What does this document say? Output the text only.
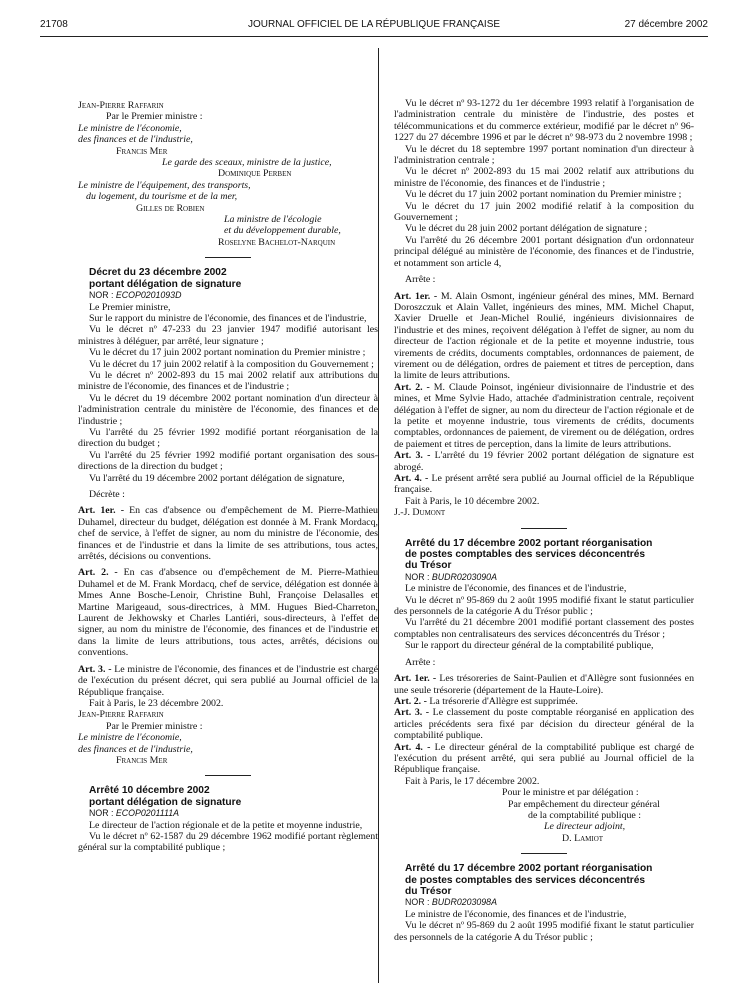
21708	JOURNAL OFFICIEL DE LA RÉPUBLIQUE FRANÇAISE	27 décembre 2002

Jean-Pierre Raffarin

Par le Premier ministre :

Le ministre de l'économie,

des finances et de l'industrie,

Francis Mer

Le garde des sceaux, ministre de la justice,

Dominique Perben

Le ministre de l'équipement, des transports,

du logement, du tourisme et de la mer,

Gilles de Robien

La ministre de l'écologie

et du développement durable,

Roselyne Bachelot-Narquin

Décret du 23 décembre 2002

portant délégation de signature

NOR : ECOP0201093D

Le Premier ministre,

Sur le rapport du ministre de l'économie, des finances et de l'industrie,

Vu le décret nº 47-233 du 23 janvier 1947 modifié autorisant les ministres à déléguer, par arrêté, leur signature ;

Vu le décret du 17 juin 2002 portant nomination du Premier ministre ;

Vu le décret du 17 juin 2002 relatif à la composition du Gouvernement ;

Vu le décret nº 2002-893 du 15 mai 2002 relatif aux attributions du ministre de l'économie, des finances et de l'industrie ;

Vu le décret du 19 décembre 2002 portant nomination d'un directeur à l'administration centrale du ministère de l'économie, des finances et de l'industrie ;

Vu l'arrêté du 25 février 1992 modifié portant réorganisation de la direction du budget ;

Vu l'arrêté du 25 février 1992 modifié portant organisation des sous-directions de la direction du budget ;

Vu l'arrêté du 19 décembre 2002 portant délégation de signature,

Décrète :

Art. 1er. - En cas d'absence ou d'empêchement de M. Pierre-Mathieu Duhamel, directeur du budget, délégation est donnée à M. Frank Mordacq, chef de service, à l'effet de signer, au nom du ministre de l'économie, des finances et de l'industrie et dans la limite de ses attributions, tous actes, arrêtés, décisions ou conventions.

Art. 2. - En cas d'absence ou d'empêchement de M. Pierre-Mathieu Duhamel et de M. Frank Mordacq, chef de service, délégation est donnée à Mmes Anne Bosche-Lenoir, Christine Buhl, Françoise Delasalles et Martine Marigeaud, sous-directrices, à MM. Hugues Bied-Charreton, Laurent de Jekhowsky et Charles Lantiéri, sous-directeurs, à l'effet de signer, au nom du ministre de l'économie, des finances et de l'industrie et dans la limite de leurs attributions, tous actes, arrêtés, décisions ou conventions.

Art. 3. - Le ministre de l'économie, des finances et de l'industrie est chargé de l'exécution du présent décret, qui sera publié au Journal officiel de la République française.

Fait à Paris, le 23 décembre 2002.

Jean-Pierre Raffarin

Par le Premier ministre :

Le ministre de l'économie,

des finances et de l'industrie,

Francis Mer

Arrêté 10 décembre 2002

portant délégation de signature

NOR : ECOP0201111A

Le directeur de l'action régionale et de la petite et moyenne industrie,

Vu le décret nº 62-1587 du 29 décembre 1962 modifié portant règlement général sur la comptabilité publique ;

Vu le décret nº 93-1272 du 1er décembre 1993 relatif à l'organisation de l'administration centrale du ministère de l'industrie, des postes et télécommunications et du commerce extérieur, modifié par le décret nº 96-1227 du 27 décembre 1996 et par le décret nº 98-973 du 2 novembre 1998 ;

Vu le décret du 18 septembre 1997 portant nomination d'un directeur à l'administration centrale ;

Vu le décret nº 2002-893 du 15 mai 2002 relatif aux attributions du ministre de l'économie, des finances et de l'industrie ;

Vu le décret du 17 juin 2002 portant nomination du Premier ministre ;

Vu le décret du 17 juin 2002 modifié relatif à la composition du Gouvernement ;

Vu le décret du 28 juin 2002 portant délégation de signature ;

Vu l'arrêté du 26 décembre 2001 portant désignation d'un ordonnateur principal délégué au ministère de l'économie, des finances et de l'industrie, et notamment son article 4,

Arrête :

Art. 1er. - M. Alain Osmont, ingénieur général des mines, MM. Bernard Doroszczuk et Alain Vallet, ingénieurs des mines, MM. Michel Chaput, Xavier Druelle et Jean-Michel Roulié, ingénieurs divisionnaires de l'industrie et des mines, reçoivent délégation à l'effet de signer, au nom du directeur de l'action régionale et de la petite et moyenne industrie, tous virements de crédits, documents comptables, ordonnances de paiement, de virement ou de délégation, ordres de paiement et titres de perception, dans la limite de leurs attributions.

Art. 2. - M. Claude Poinsot, ingénieur divisionnaire de l'industrie et des mines, et Mme Sylvie Hado, attachée d'administration centrale, reçoivent délégation à l'effet de signer, au nom du directeur de l'action régionale et de la petite et moyenne industrie, tous virements de crédits, documents comptables, ordonnances de paiement, de virement ou de délégation, ordres de paiement et titres de perception, dans la limite de leurs attributions.

Art. 3. - L'arrêté du 19 février 2002 portant délégation de signature est abrogé.

Art. 4. - Le présent arrêté sera publié au Journal officiel de la République française.

Fait à Paris, le 10 décembre 2002.

J.-J. Dumont

Arrêté du 17 décembre 2002 portant réorganisation

de postes comptables des services déconcentrés

du Trésor

NOR : BUDR0203090A

Le ministre de l'économie, des finances et de l'industrie,

Vu le décret nº 95-869 du 2 août 1995 modifié fixant le statut particulier des personnels de la catégorie A du Trésor public ;

Vu l'arrêté du 21 décembre 2001 modifié portant classement des postes comptables non centralisateurs des services déconcentrés du Trésor ;

Sur le rapport du directeur général de la comptabilité publique,

Arrête :

Art. 1er. - Les trésoreries de Saint-Paulien et d'Allègre sont fusionnées en une seule trésorerie (département de la Haute-Loire).

Art. 2. - La trésorerie d'Allègre est supprimée.

Art. 3. - Le classement du poste comptable réorganisé en application des articles précédents sera fixé par décision du directeur général de la comptabilité publique.

Art. 4. - Le directeur général de la comptabilité publique est chargé de l'exécution du présent arrêté, qui sera publié au Journal officiel de la République française.

Fait à Paris, le 17 décembre 2002.

Pour le ministre et par délégation :

Par empêchement du directeur général

de la comptabilité publique :

Le directeur adjoint,

D. Lamiot

Arrêté du 17 décembre 2002 portant réorganisation

de postes comptables des services déconcentrés

du Trésor

NOR : BUDR0203098A

Le ministre de l'économie, des finances et de l'industrie,

Vu le décret nº 95-869 du 2 août 1995 modifié fixant le statut particulier des personnels de la catégorie A du Trésor public ;
